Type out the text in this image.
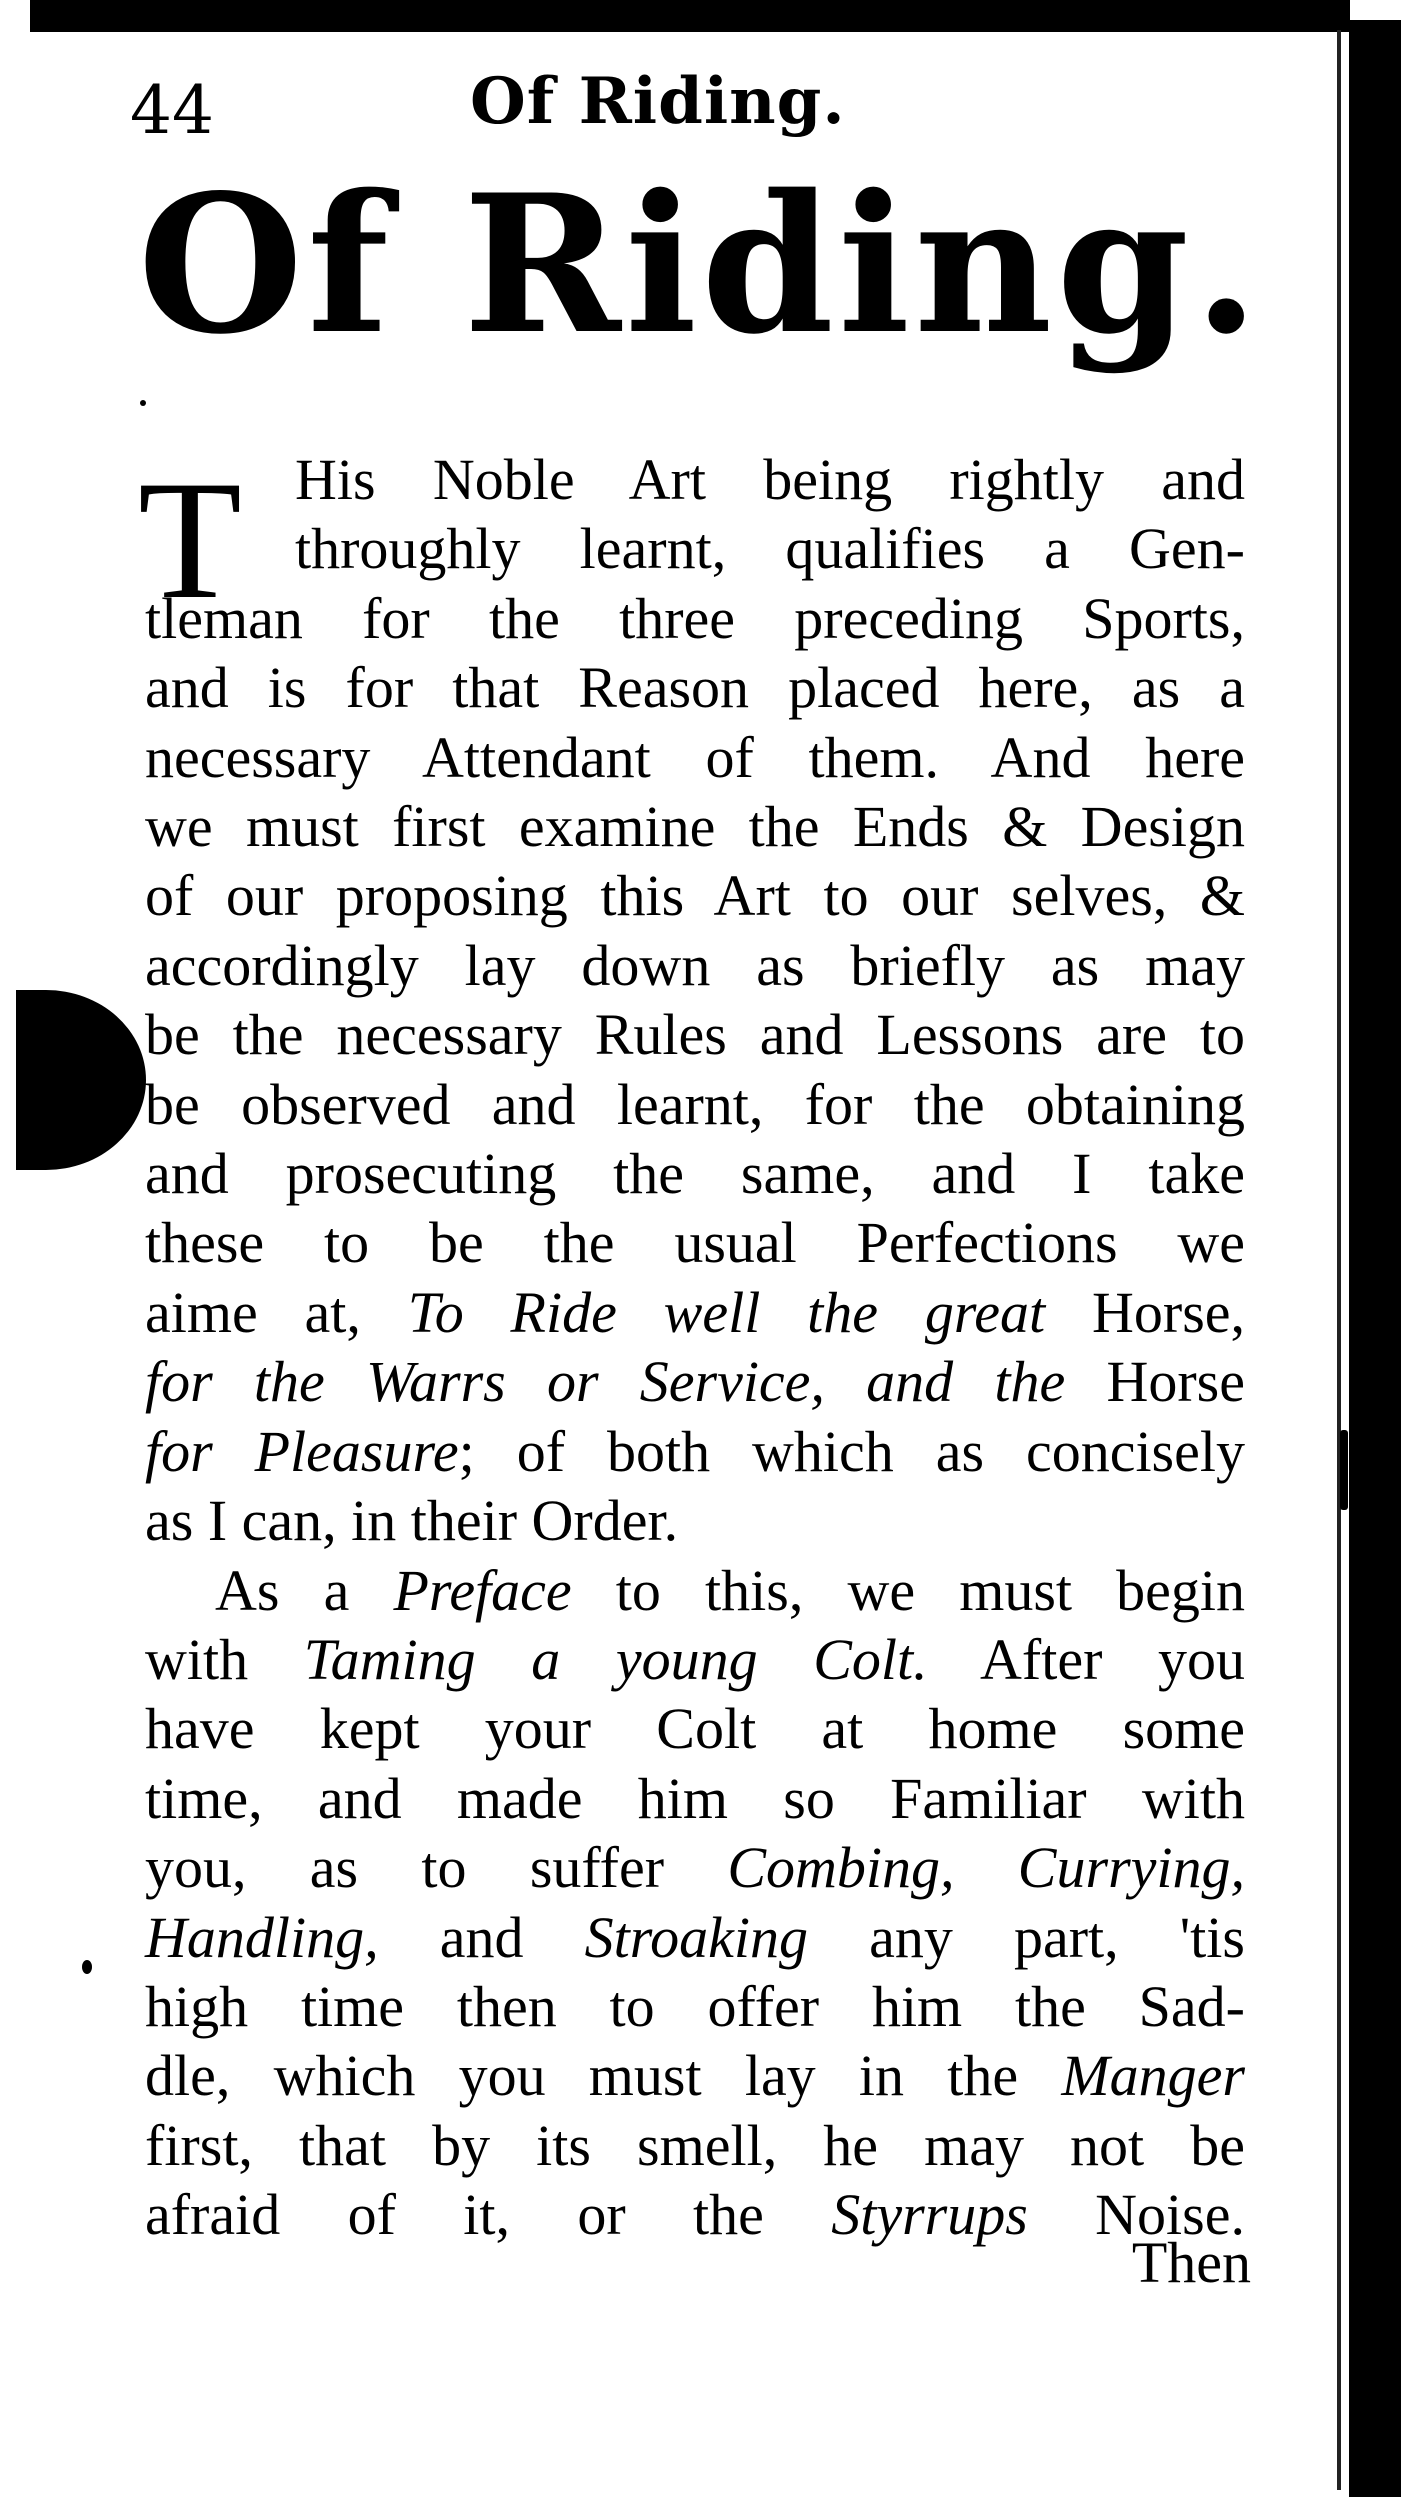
44	Of Riding.
Of Riding.
T His Noble Art being rightly and
throughly learnt, qualifies a Gen-
tleman for the three preceding Sports,
and is for that Reason placed here, as a
necessary Attendant of them. And here
we must first examine the Ends & Design
of our proposing this Art to our selves, &
accordingly lay down as briefly as may
be the necessary Rules and Lessons are to
be observed and learnt, for the obtaining
and prosecuting the same, and I take
these to be the usual Perfections we
aime at, To Ride well the great Horse,
for the Warrs or Service, and the Horse
for Pleasure; of both which as concisely
as I can, in their Order.
As a Preface to this, we must begin
with Taming a young Colt. After you
have kept your Colt at home some
time, and made him so Familiar with
you, as to suffer Combing, Currying,
Handling, and Stroaking any part, 'tis
high time then to offer him the Sad-
dle, which you must lay in the Manger
first, that by its smell, he may not be
afraid of it, or the Styrrups Noise.
Then
